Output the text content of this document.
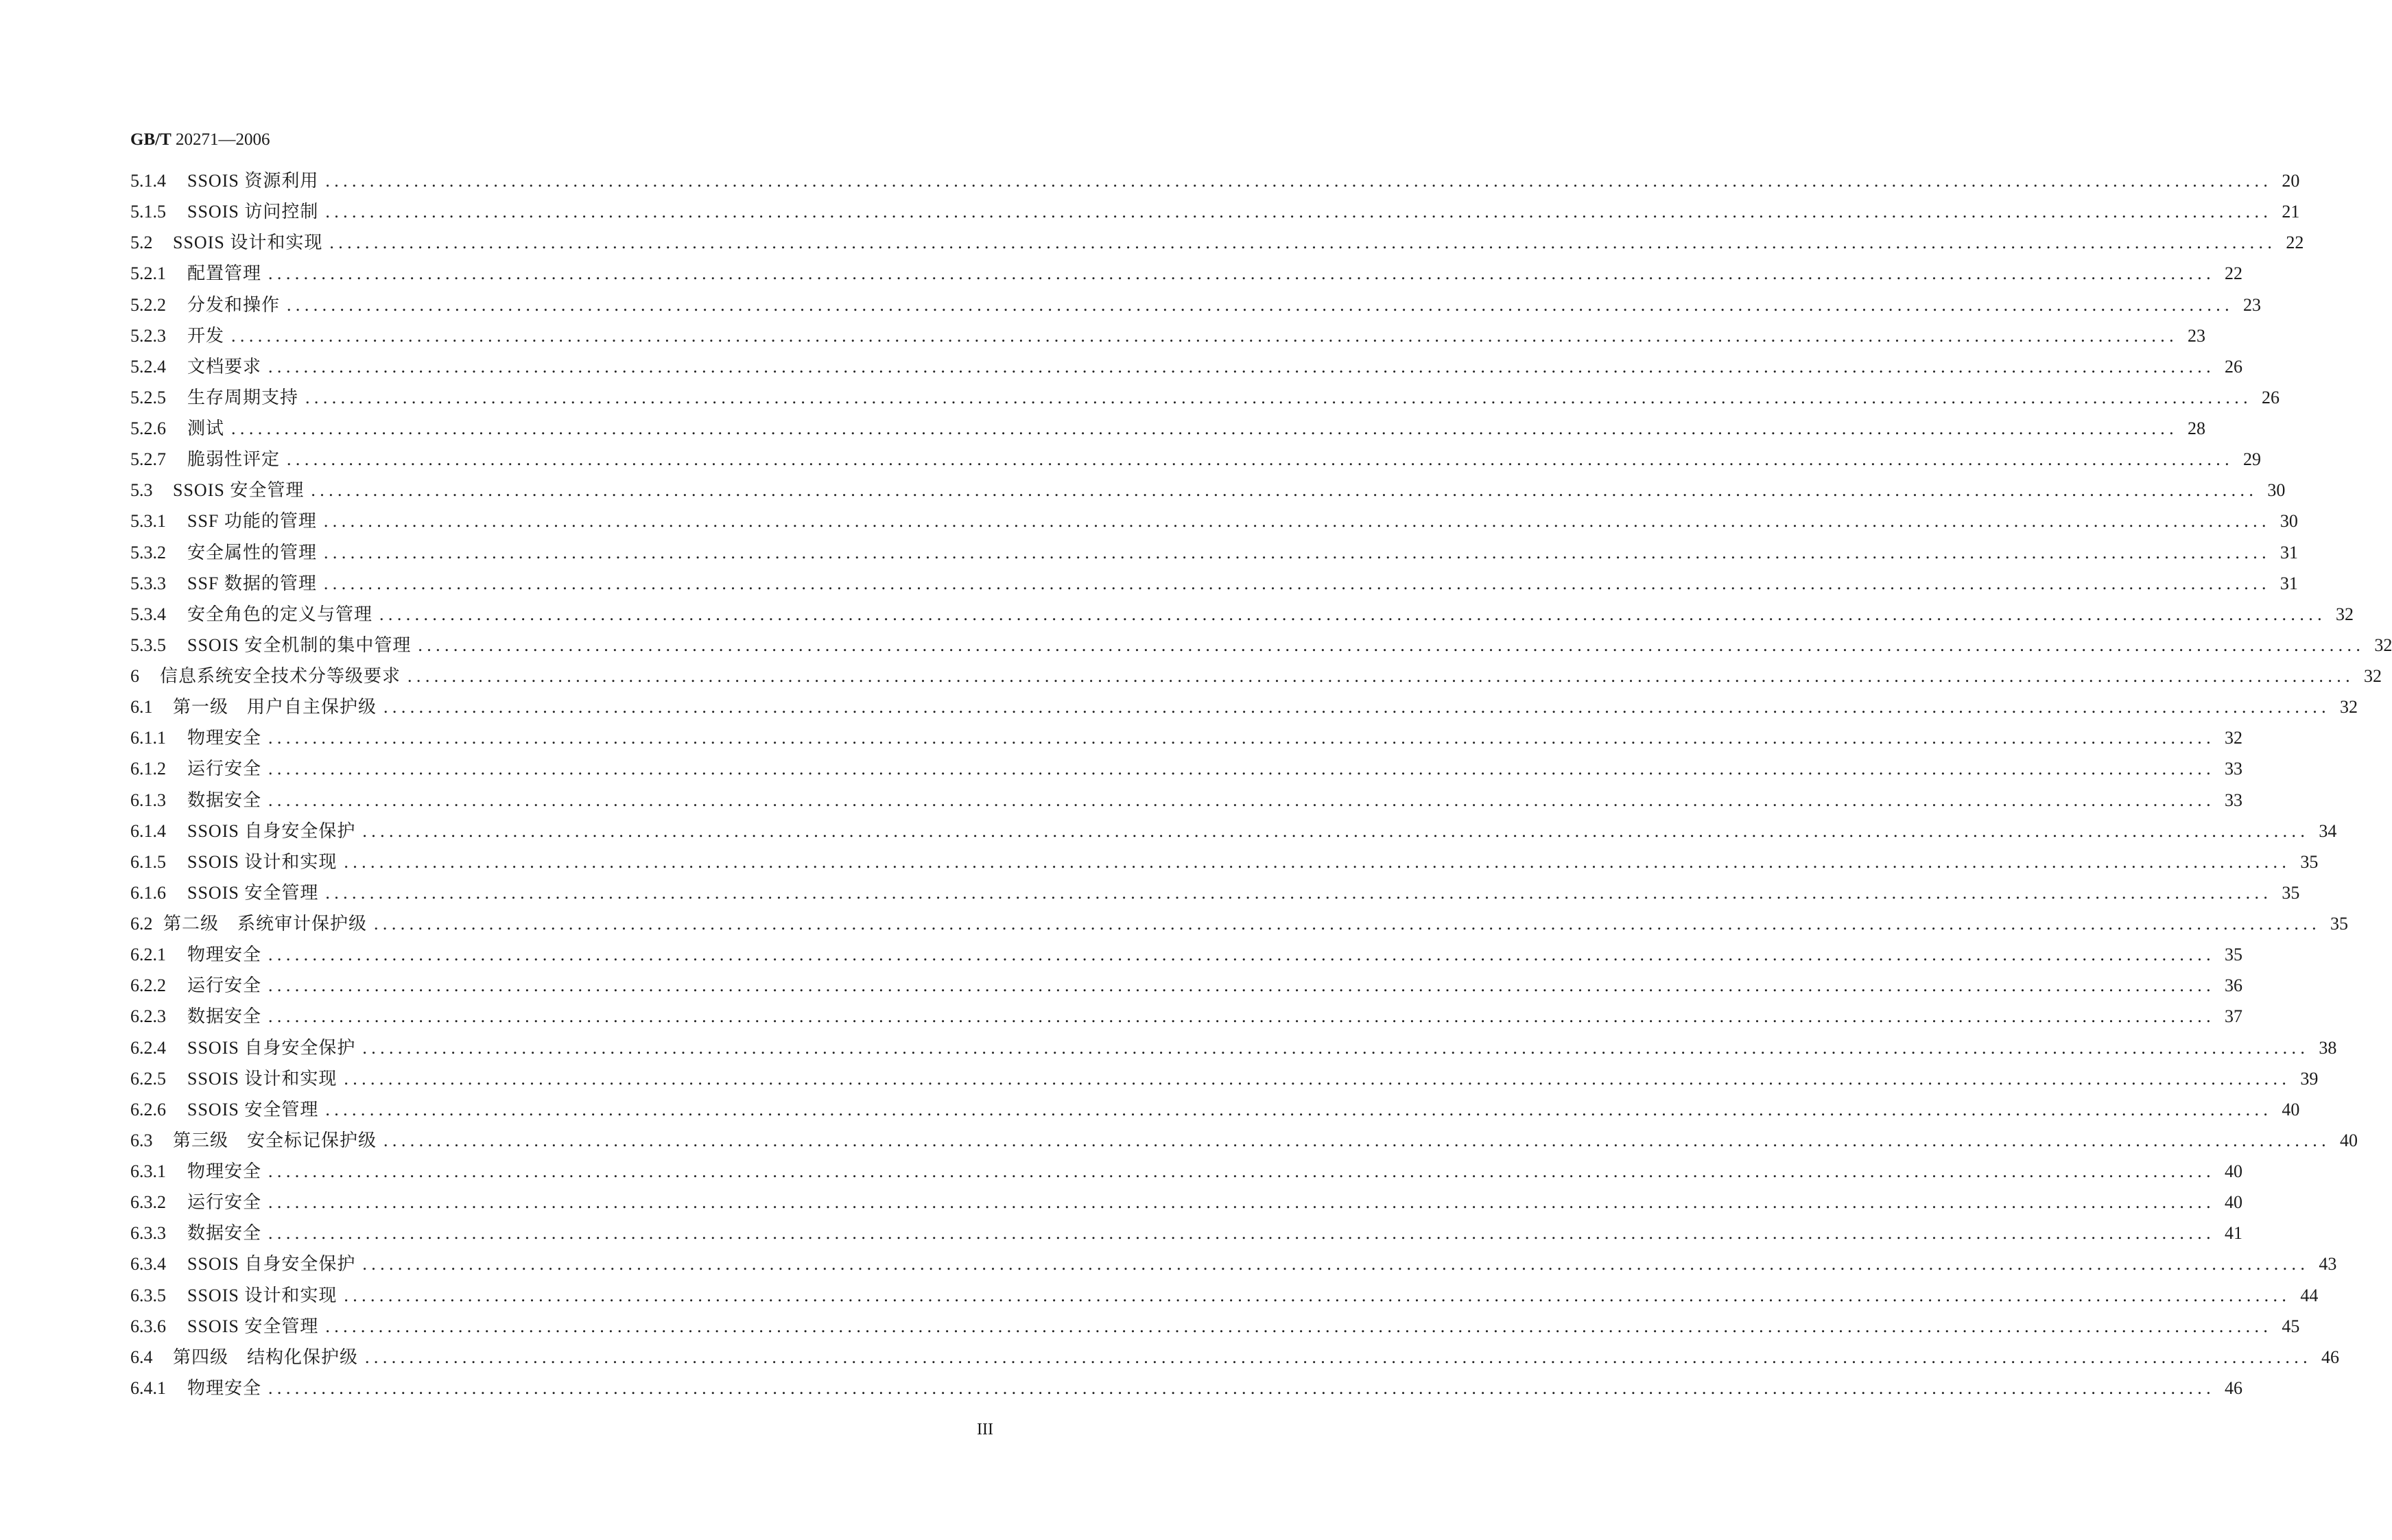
GB/T 20271—2006
5.1.4	SSOIS 资源利用 ............................................................................................................................................................................................................................ 20
5.1.5	SSOIS 访问控制 ............................................................................................................................................................................................................................ 21
5.2	SSOIS 设计和实现 ............................................................................................................................................................................................................................ 22
5.2.1	配置管理 ............................................................................................................................................................................................................................ 22
5.2.2	分发和操作 ............................................................................................................................................................................................................................ 23
5.2.3	开发 ............................................................................................................................................................................................................................ 23
5.2.4	文档要求 ............................................................................................................................................................................................................................ 26
5.2.5	生存周期支持 ............................................................................................................................................................................................................................ 26
5.2.6	测试 ............................................................................................................................................................................................................................ 28
5.2.7	脆弱性评定 ............................................................................................................................................................................................................................ 29
5.3	SSOIS 安全管理 ............................................................................................................................................................................................................................ 30
5.3.1	SSF 功能的管理 ............................................................................................................................................................................................................................ 30
5.3.2	安全属性的管理 ............................................................................................................................................................................................................................ 31
5.3.3	SSF 数据的管理 ............................................................................................................................................................................................................................ 31
5.3.4	安全角色的定义与管理 ............................................................................................................................................................................................................................ 32
5.3.5	SSOIS 安全机制的集中管理 ............................................................................................................................................................................................................................ 32
6	信息系统安全技术分等级要求 ............................................................................................................................................................................................................................ 32
6.1	第一级　用户自主保护级 ............................................................................................................................................................................................................................ 32
6.1.1	物理安全 ............................................................................................................................................................................................................................ 32
6.1.2	运行安全 ............................................................................................................................................................................................................................ 33
6.1.3	数据安全 ............................................................................................................................................................................................................................ 33
6.1.4	SSOIS 自身安全保护 ............................................................................................................................................................................................................................ 34
6.1.5	SSOIS 设计和实现 ............................................................................................................................................................................................................................ 35
6.1.6	SSOIS 安全管理 ............................................................................................................................................................................................................................ 35
6.2 第二级　系统审计保护级 ............................................................................................................................................................................................................................ 35
6.2.1	物理安全 ............................................................................................................................................................................................................................ 35
6.2.2	运行安全 ............................................................................................................................................................................................................................ 36
6.2.3	数据安全 ............................................................................................................................................................................................................................ 37
6.2.4	SSOIS 自身安全保护 ............................................................................................................................................................................................................................ 38
6.2.5	SSOIS 设计和实现 ............................................................................................................................................................................................................................ 39
6.2.6	SSOIS 安全管理 ............................................................................................................................................................................................................................ 40
6.3	第三级　安全标记保护级 ............................................................................................................................................................................................................................ 40
6.3.1	物理安全 ............................................................................................................................................................................................................................ 40
6.3.2	运行安全 ............................................................................................................................................................................................................................ 40
6.3.3	数据安全 ............................................................................................................................................................................................................................ 41
6.3.4	SSOIS 自身安全保护 ............................................................................................................................................................................................................................ 43
6.3.5	SSOIS 设计和实现 ............................................................................................................................................................................................................................ 44
6.3.6	SSOIS 安全管理 ............................................................................................................................................................................................................................ 45
6.4	第四级　结构化保护级 ............................................................................................................................................................................................................................ 46
6.4.1	物理安全 ............................................................................................................................................................................................................................ 46
III
